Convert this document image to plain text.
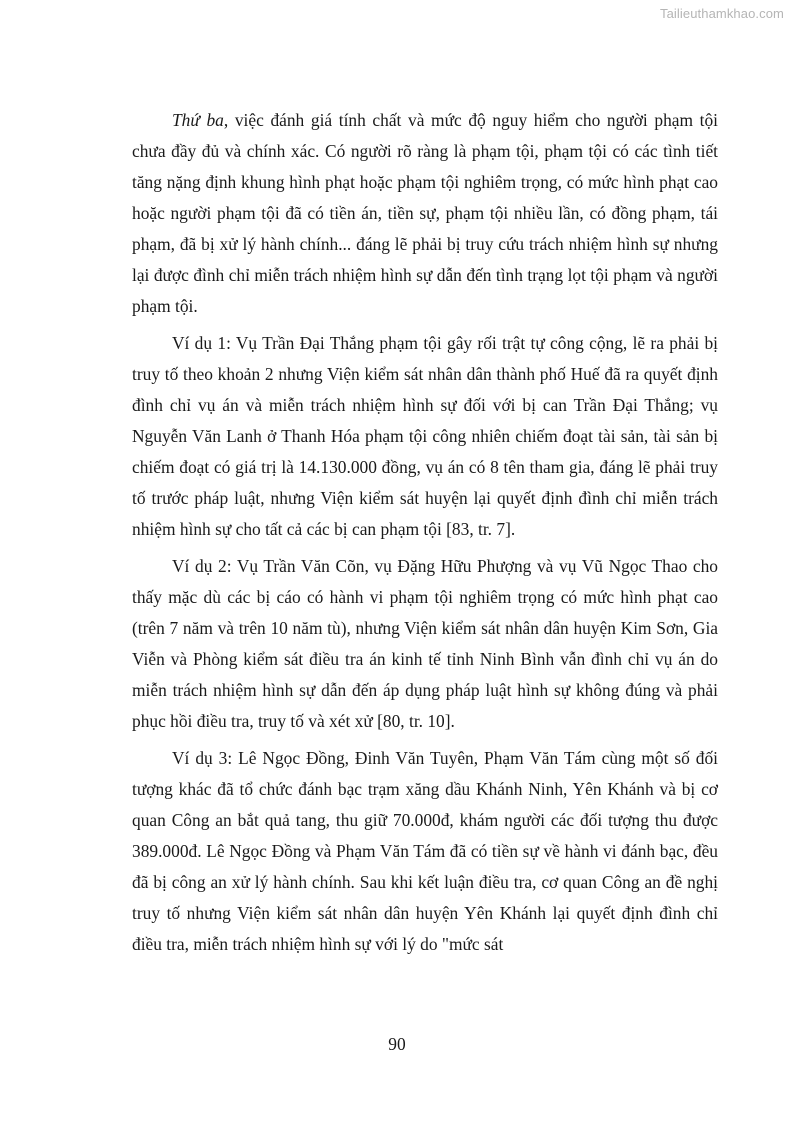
Tailieuthamkhao.com

Thứ ba, việc đánh giá tính chất và mức độ nguy hiểm cho người phạm tội chưa đầy đủ và chính xác. Có người rõ ràng là phạm tội, phạm tội có các tình tiết tăng nặng định khung hình phạt hoặc phạm tội nghiêm trọng, có mức hình phạt cao hoặc người phạm tội đã có tiền án, tiền sự, phạm tội nhiều lần, có đồng phạm, tái phạm, đã bị xử lý hành chính... đáng lẽ phải bị truy cứu trách nhiệm hình sự nhưng lại được đình chỉ miễn trách nhiệm hình sự dẫn đến tình trạng lọt tội phạm và người phạm tội.

Ví dụ 1: Vụ Trần Đại Thắng phạm tội gây rối trật tự công cộng, lẽ ra phải bị truy tố theo khoản 2 nhưng Viện kiểm sát nhân dân thành phố Huế đã ra quyết định đình chỉ vụ án và miễn trách nhiệm hình sự đối với bị can Trần Đại Thắng; vụ Nguyễn Văn Lanh ở Thanh Hóa phạm tội công nhiên chiếm đoạt tài sản, tài sản bị chiếm đoạt có giá trị là 14.130.000 đồng, vụ án có 8 tên tham gia, đáng lẽ phải truy tố trước pháp luật, nhưng Viện kiểm sát huyện lại quyết định đình chỉ miễn trách nhiệm hình sự cho tất cả các bị can phạm tội [83, tr. 7].

Ví dụ 2: Vụ Trần Văn Cõn, vụ Đặng Hữu Phượng và vụ Vũ Ngọc Thao cho thấy mặc dù các bị cáo có hành vi phạm tội nghiêm trọng có mức hình phạt cao (trên 7 năm và trên 10 năm tù), nhưng Viện kiểm sát nhân dân huyện Kim Sơn, Gia Viễn và Phòng kiểm sát điều tra án kinh tế tỉnh Ninh Bình vẫn đình chỉ vụ án do miễn trách nhiệm hình sự dẫn đến áp dụng pháp luật hình sự không đúng và phải phục hồi điều tra, truy tố và xét xử [80, tr. 10].

Ví dụ 3: Lê Ngọc Đồng, Đinh Văn Tuyên, Phạm Văn Tám cùng một số đối tượng khác đã tổ chức đánh bạc trạm xăng dầu Khánh Ninh, Yên Khánh và bị cơ quan Công an bắt quả tang, thu giữ 70.000đ, khám người các đối tượng thu được 389.000đ. Lê Ngọc Đồng và Phạm Văn Tám đã có tiền sự về hành vi đánh bạc, đều đã bị công an xử lý hành chính. Sau khi kết luận điều tra, cơ quan Công an đề nghị truy tố nhưng Viện kiểm sát nhân dân huyện Yên Khánh lại quyết định đình chỉ điều tra, miễn trách nhiệm hình sự với lý do "mức sát

90
